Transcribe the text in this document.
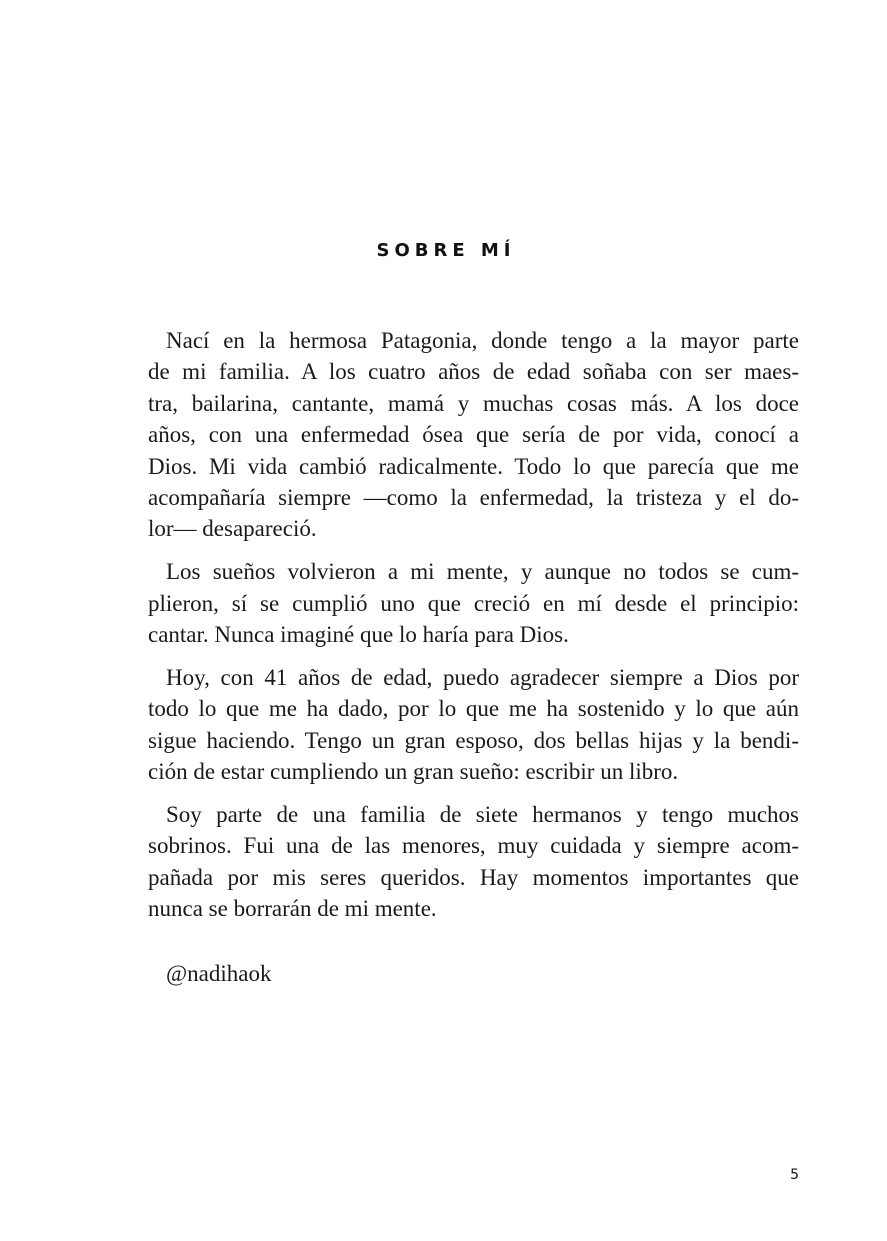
SOBRE MÍ
Nací en la hermosa Patagonia, donde tengo a la mayor parte
de mi familia. A los cuatro años de edad soñaba con ser maes-
tra, bailarina, cantante, mamá y muchas cosas más. A los doce
años, con una enfermedad ósea que sería de por vida, conocí a
Dios. Mi vida cambió radicalmente. Todo lo que parecía que me
acompañaría siempre —como la enfermedad, la tristeza y el do-
lor— desapareció.
Los sueños volvieron a mi mente, y aunque no todos se cum-
plieron, sí se cumplió uno que creció en mí desde el principio:
cantar. Nunca imaginé que lo haría para Dios.
Hoy, con 41 años de edad, puedo agradecer siempre a Dios por
todo lo que me ha dado, por lo que me ha sostenido y lo que aún
sigue haciendo. Tengo un gran esposo, dos bellas hijas y la bendi-
ción de estar cumpliendo un gran sueño: escribir un libro.
Soy parte de una familia de siete hermanos y tengo muchos
sobrinos. Fui una de las menores, muy cuidada y siempre acom-
pañada por mis seres queridos. Hay momentos importantes que
nunca se borrarán de mi mente.
@nadihaok
5
